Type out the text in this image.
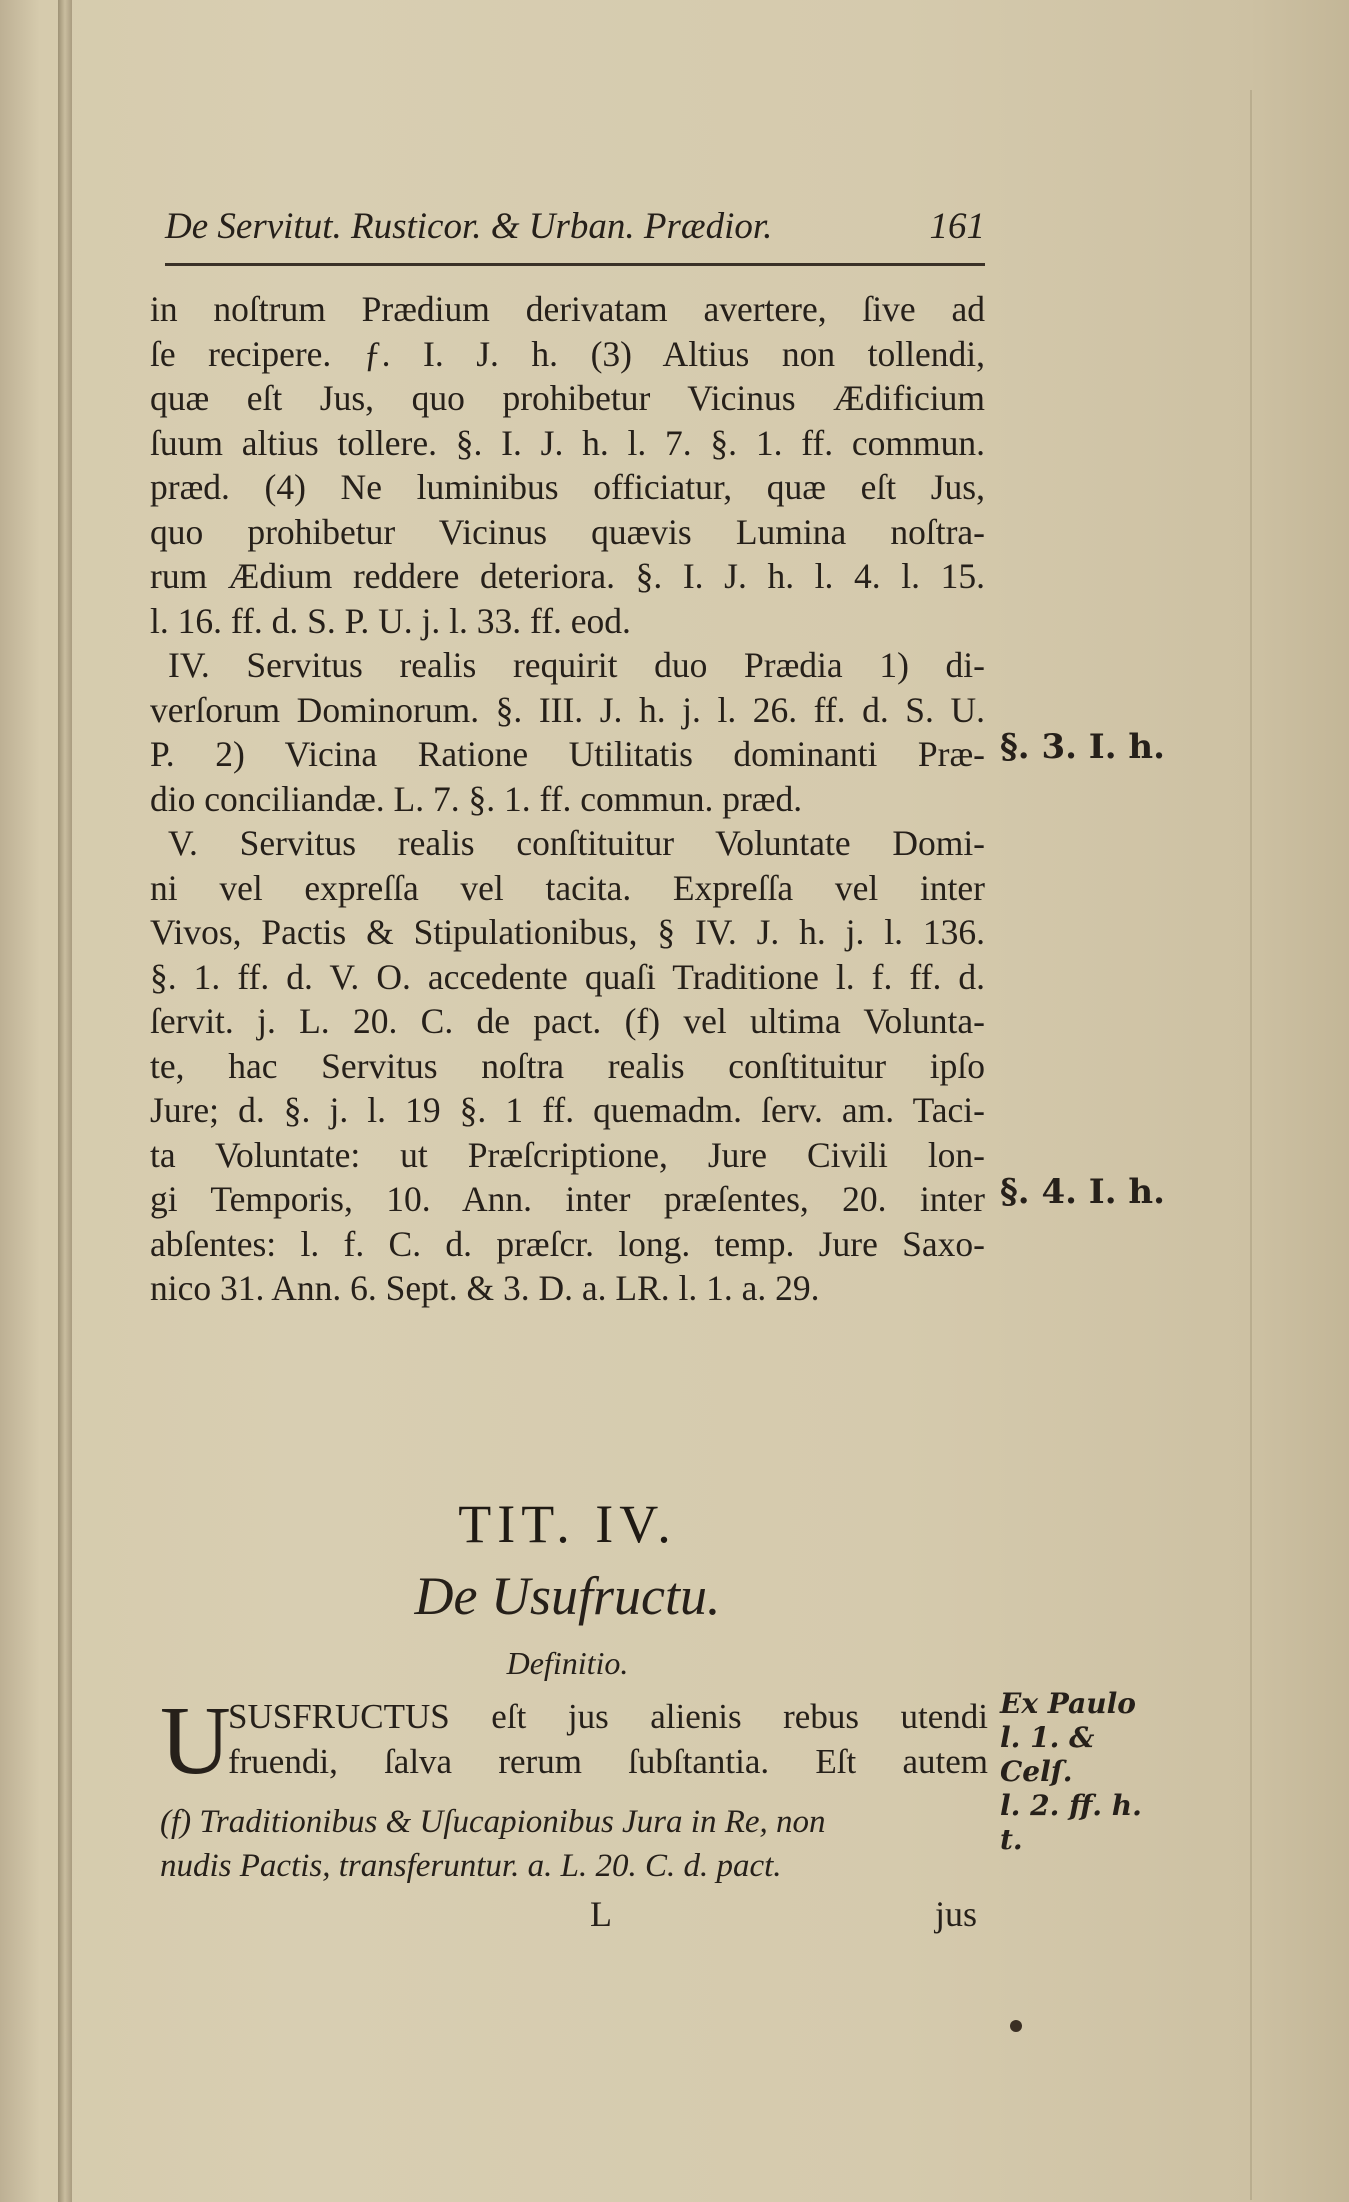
De Servitut. Rusticor. & Urban. Prædior.	161
in noſtrum Prædium derivatam avertere, ſive ad
ſe recipere. ƒ. I. J. h. (3) Altius non tollendi,
quæ eſt Jus, quo prohibetur Vicinus Ædificium
ſuum altius tollere. §. I. J. h. l. 7. §. 1. ff. commun.
præd. (4) Ne luminibus officiatur, quæ eſt Jus,
quo prohibetur Vicinus quævis Lumina noſtra-
rum Ædium reddere deteriora. §. I. J. h. l. 4. l. 15.
l. 16. ff. d. S. P. U. j. l. 33. ff. eod.
IV. Servitus realis requirit duo Prædia 1) di-
verſorum Dominorum. §. III. J. h. j. l. 26. ff. d. S. U.
P. 2) Vicina Ratione Utilitatis dominanti Præ-
dio conciliandæ. L. 7. §. 1. ff. commun. præd.
V. Servitus realis conſtituitur Voluntate Domi-
ni vel expreſſa vel tacita. Expreſſa vel inter
Vivos, Pactis & Stipulationibus, § IV. J. h. j. l. 136.
§. 1. ff. d. V. O. accedente quaſi Traditione l. f. ff. d.
ſervit. j. L. 20. C. de pact. (f) vel ultima Volunta-
te, hac Servitus noſtra realis conſtituitur ipſo
Jure; d. §. j. l. 19 §. 1 ff. quemadm. ſerv. am. Taci-
ta Voluntate: ut Præſcriptione, Jure Civili lon-
gi Temporis, 10. Ann. inter præſentes, 20. inter
abſentes: l. f. C. d. præſcr. long. temp. Jure Saxo-
nico 31. Ann. 6. Sept. & 3. D. a. LR. l. 1. a. 29.
TIT. IV.
De Usufructu.
Definitio.
U
SUSFRUCTUS eſt jus alienis rebus utendi
fruendi, ſalva rerum ſubſtantia. Eſt autem
(f) Traditionibus & Uſucapionibus Jura in Re, non
nudis Pactis, transferuntur. a. L. 20. C. d. pact.
L	jus
§. 3. I. h.
§. 4. I. h.
Ex Paulo
l. 1. & Celſ.
l. 2. ff. h. t.
